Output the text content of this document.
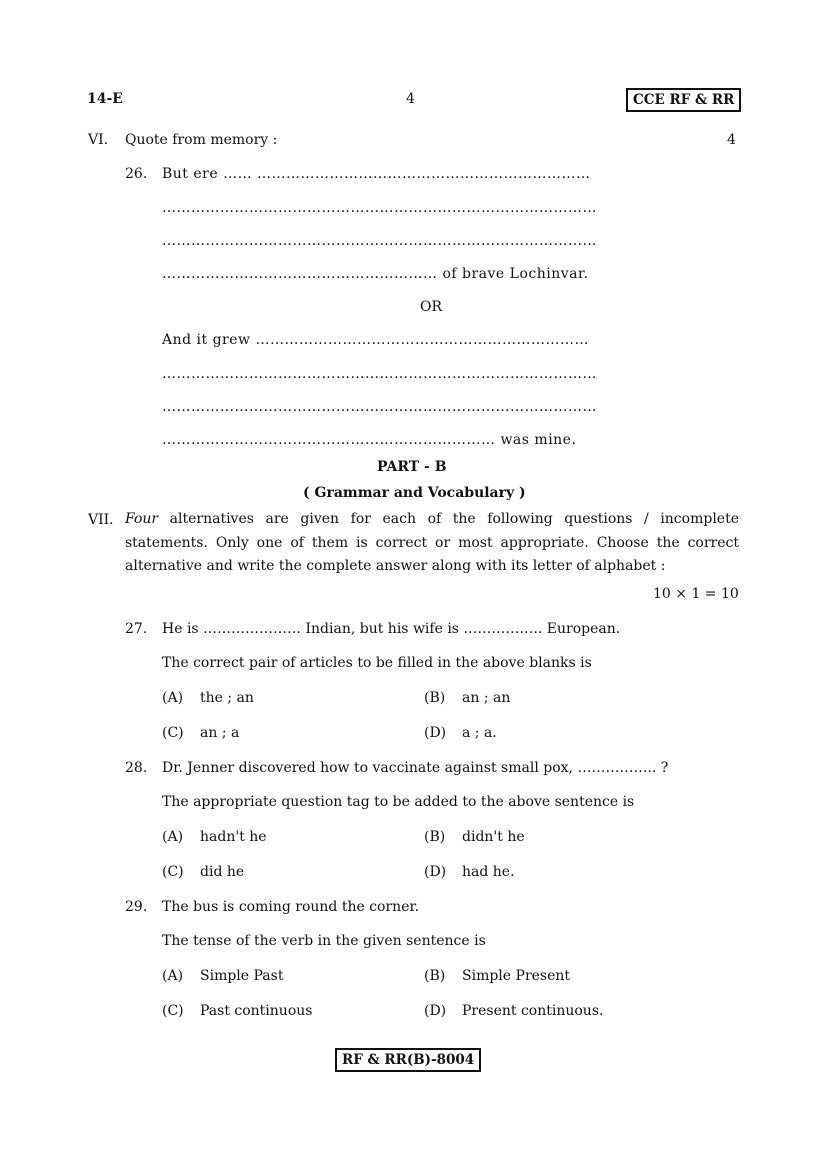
14-E	4	CCE RF & RR
VI. Quote from memory :	4
26. But ere …… ……………………………………………………………
………………………………………………………………………………
………………………………………………………………………………
………………………………………………… of brave Lochinvar.
OR
And it grew ……………………………………………………………
………………………………………………………………………………
………………………………………………………………………………
…………………………………………………………… was mine.
PART - B
( Grammar and Vocabulary )
VII. Four alternatives are given for each of the following questions / incomplete statements. Only one of them is correct or most appropriate. Choose the correct alternative and write the complete answer along with its letter of alphabet :
10 × 1 = 10
27. He is ………………… Indian, but his wife is …………….. European.
The correct pair of articles to be filled in the above blanks is
(A) the ; an	(B) an ; an
(C) an ; a	(D) a ; a.
28. Dr. Jenner discovered how to vaccinate against small pox, …………….. ?
The appropriate question tag to be added to the above sentence is
(A) hadn't he	(B) didn't he
(C) did he	(D) had he.
29. The bus is coming round the corner.
The tense of the verb in the given sentence is
(A) Simple Past	(B) Simple Present
(C) Past continuous	(D) Present continuous.
RF & RR(B)-8004
